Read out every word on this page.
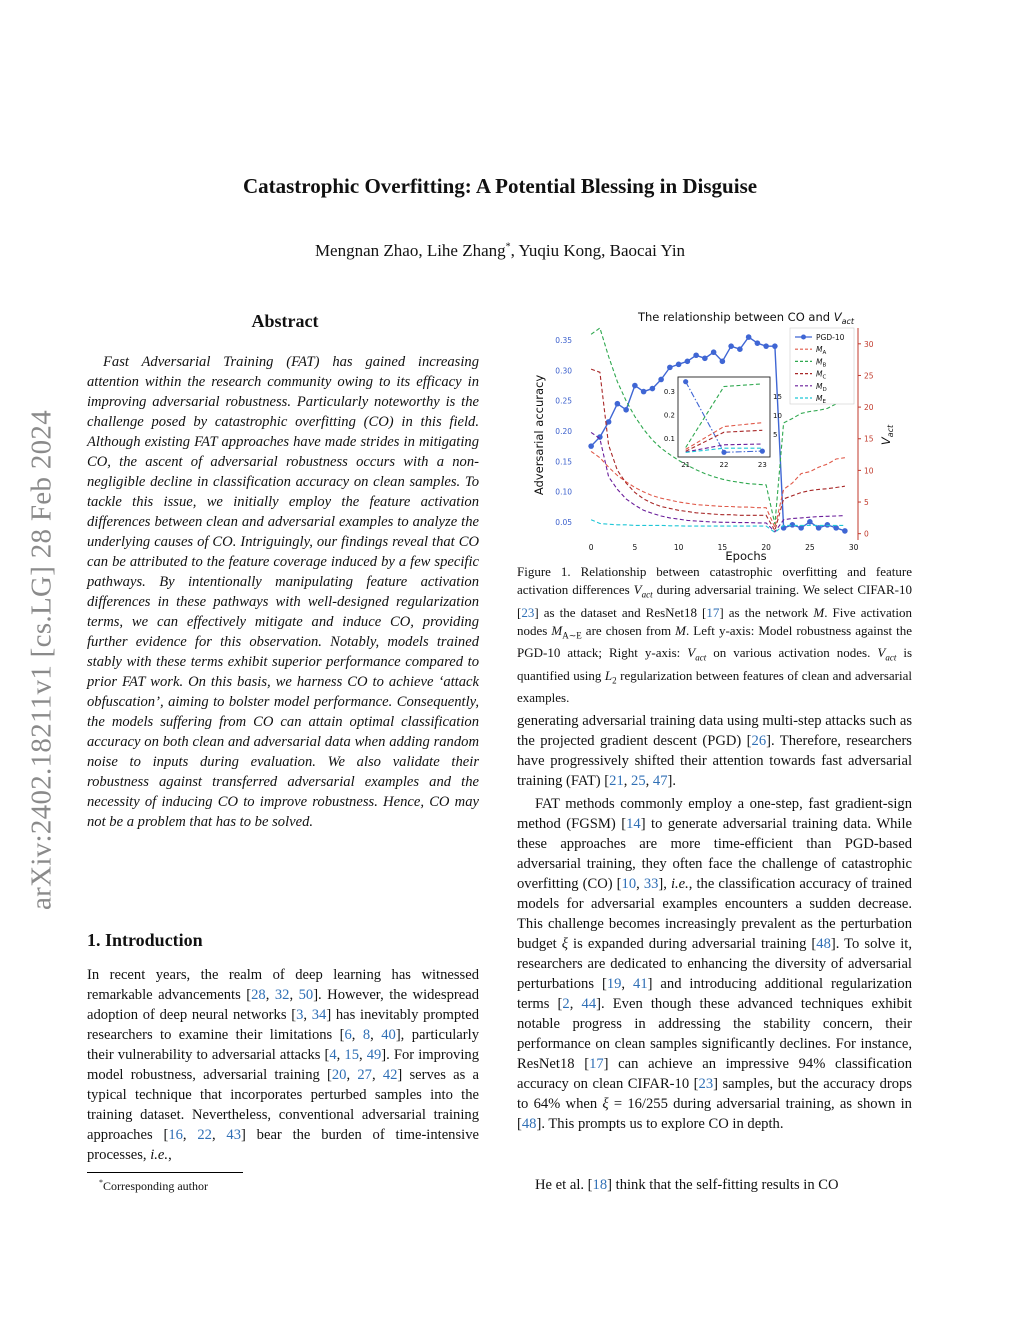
arXiv:2402.18211v1 [cs.LG] 28 Feb 2024
Catastrophic Overfitting: A Potential Blessing in Disguise
Mengnan Zhao, Lihe Zhang*, Yuqiu Kong, Baocai Yin
Abstract
Fast Adversarial Training (FAT) has gained increasing attention within the research community owing to its efficacy in improving adversarial robustness. Particularly noteworthy is the challenge posed by catastrophic overfitting (CO) in this field. Although existing FAT approaches have made strides in mitigating CO, the ascent of adversarial robustness occurs with a non-negligible decline in classification accuracy on clean samples. To tackle this issue, we initially employ the feature activation differences between clean and adversarial examples to analyze the underlying causes of CO. Intriguingly, our findings reveal that CO can be attributed to the feature coverage induced by a few specific pathways. By intentionally manipulating feature activation differences in these pathways with well-designed regularization terms, we can effectively mitigate and induce CO, providing further evidence for this observation. Notably, models trained stably with these terms exhibit superior performance compared to prior FAT work. On this basis, we harness CO to achieve ‘attack obfuscation’, aiming to bolster model performance. Consequently, the models suffering from CO can attain optimal classification accuracy on both clean and adversarial data when adding random noise to inputs during evaluation. We also validate their robustness against transferred adversarial examples and the necessity of inducing CO to improve robustness. Hence, CO may not be a problem that has to be solved.
1. Introduction
In recent years, the realm of deep learning has witnessed remarkable advancements [28, 32, 50]. However, the widespread adoption of deep neural networks [3, 34] has inevitably prompted researchers to examine their limitations [6, 8, 40], particularly their vulnerability to adversarial attacks [4, 15, 49]. For improving model robustness, adversarial training [20, 27, 42] serves as a typical technique that incorporates perturbed samples into the training dataset. Nevertheless, conventional adversarial training approaches [16, 22, 43] bear the burden of time-intensive processes, i.e.,
*Corresponding author
The relationship between CO and $V_{act}$
Epochs
Adversarial accuracy	$V_{act}$
0.05
0.10
0.15
0.20
0.25
0.30
0.35
0	5	10	15	20	25	30
0
5
10
15
20
25
30
0.1
0.2
0.3
5
10
15
21	22	23
PGD-10
$M_A$
$M_B$
$M_C$
$M_D$
$M_E$
Figure 1. Relationship between catastrophic overfitting and feature activation differences $V_{act}$ during adversarial training. We select CIFAR-10 [23] as the dataset and ResNet18 [17] as the network M. Five activation nodes $M_{A\sim E}$ are chosen from M. Left y-axis: Model robustness against the PGD-10 attack; Right y-axis: $V_{act}$ on various activation nodes. $V_{act}$ is quantified using $L_2$ regularization between features of clean and adversarial examples.
generating adversarial training data using multi-step attacks such as the projected gradient descent (PGD) [26]. Therefore, researchers have progressively shifted their attention towards fast adversarial training (FAT) [21, 25, 47].
FAT methods commonly employ a one-step, fast gradient-sign method (FGSM) [14] to generate adversarial training data. While these approaches are more time-efficient than PGD-based adversarial training, they often face the challenge of catastrophic overfitting (CO) [10, 33], i.e., the classification accuracy of trained models for adversarial examples encounters a sudden decrease. This challenge becomes increasingly prevalent as the perturbation budget ξ is expanded during adversarial training [48]. To solve it, researchers are dedicated to enhancing the diversity of adversarial perturbations [19, 41] and introducing additional regularization terms [2, 44]. Even though these advanced techniques exhibit notable progress in addressing the stability concern, their performance on clean samples significantly declines. For instance, ResNet18 [17] can achieve an impressive 94% classification accuracy on clean CIFAR-10 [23] samples, but the accuracy drops to 64% when ξ = 16/255 during adversarial training, as shown in [48]. This prompts us to explore CO in depth.
He et al. [18] think that the self-fitting results in CO
